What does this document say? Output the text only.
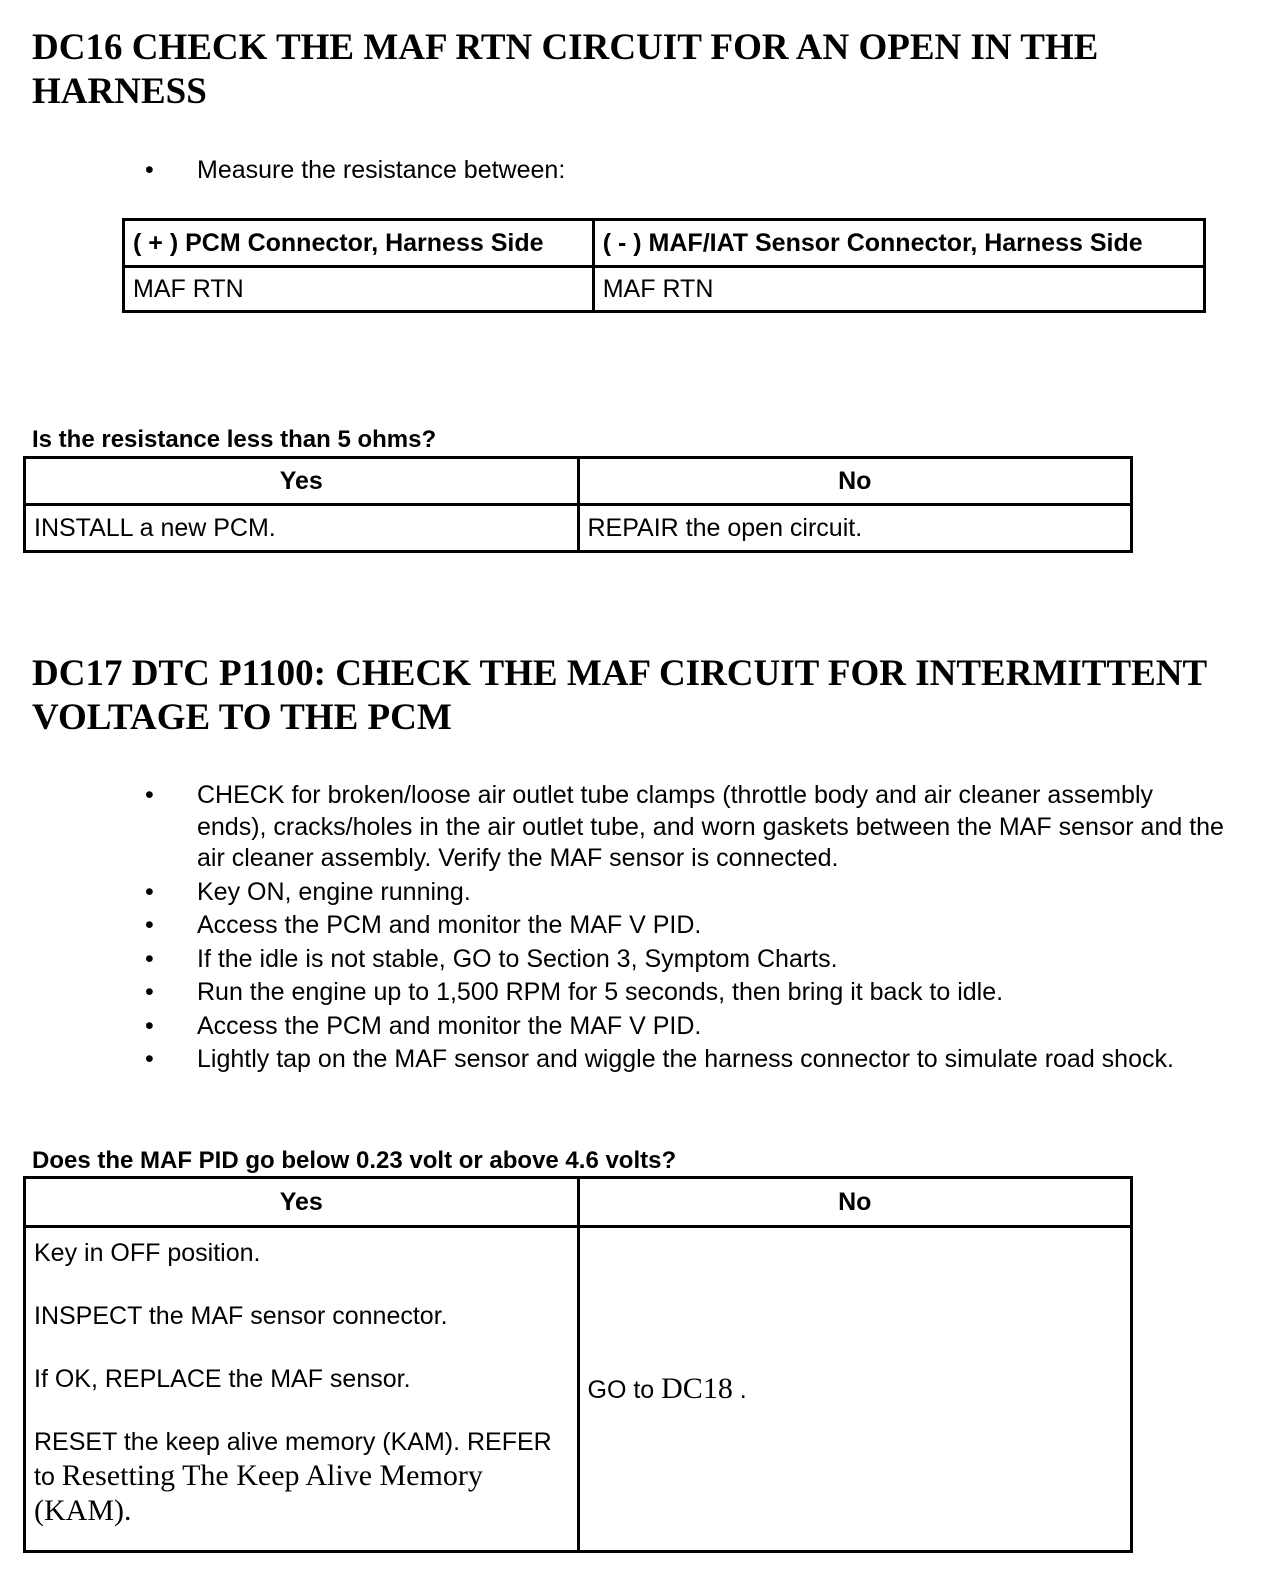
DC16 CHECK THE MAF RTN CIRCUIT FOR AN OPEN IN THE HARNESS
• Measure the resistance between:
( + ) PCM Connector, Harness Side	( - ) MAF/IAT Sensor Connector, Harness Side
MAF RTN	MAF RTN

Is the resistance less than 5 ohms?

Yes	No
INSTALL a new PCM.	REPAIR the open circuit.
DC17 DTC P1100: CHECK THE MAF CIRCUIT FOR INTERMITTENT VOLTAGE TO THE PCM
• CHECK for broken/loose air outlet tube clamps (throttle body and air cleaner assembly ends), cracks/holes in the air outlet tube, and worn gaskets between the MAF sensor and the air cleaner assembly. Verify the MAF sensor is connected.
• Key ON, engine running.
• Access the PCM and monitor the MAF V PID.
• If the idle is not stable, GO to Section 3, Symptom Charts.
• Run the engine up to 1,500 RPM for 5 seconds, then bring it back to idle.
• Access the PCM and monitor the MAF V PID.
• Lightly tap on the MAF sensor and wiggle the harness connector to simulate road shock.

Does the MAF PID go below 0.23 volt or above 4.6 volts?

Yes	No

Key in OFF position.

INSPECT the MAF sensor connector.

If OK, REPLACE the MAF sensor.

RESET the keep alive memory (KAM). REFER to Resetting The Keep Alive Memory (KAM).	GO to DC18 .
